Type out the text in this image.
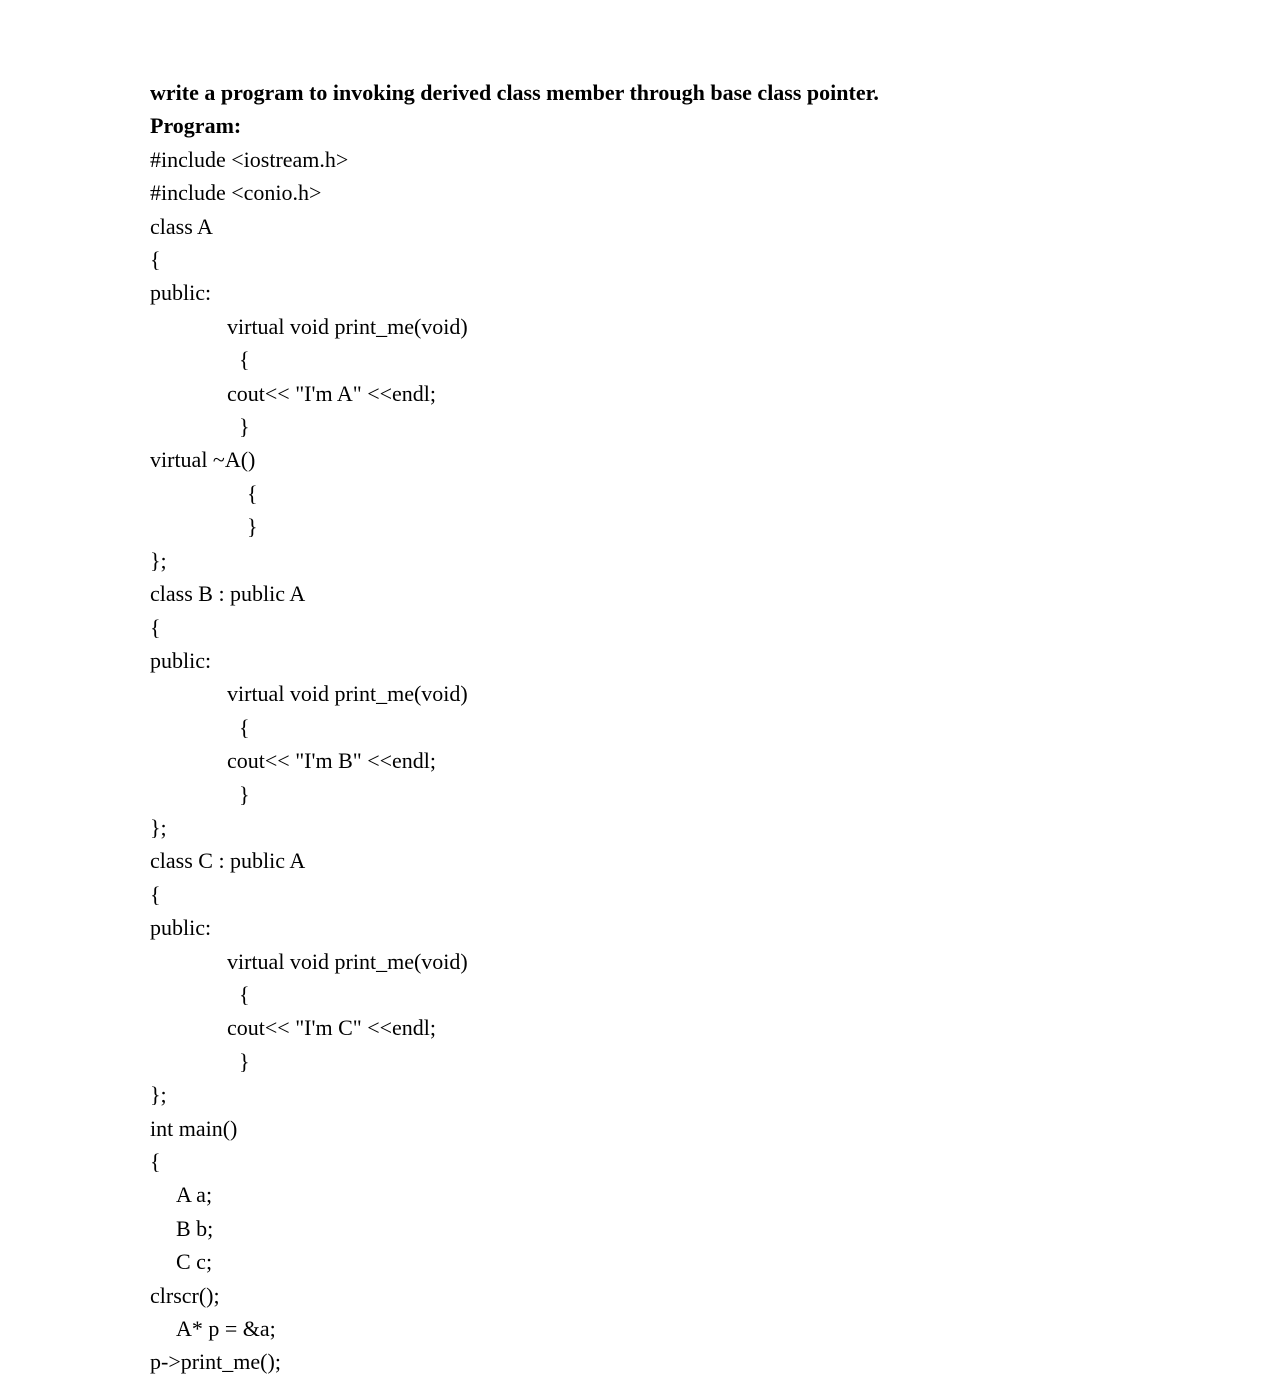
write a program to invoking derived class member through base class pointer.
Program:
#include <iostream.h>
#include <conio.h>
class A
{
public:
virtual void print_me(void)
{
cout<< "I'm A" <<endl;
}
virtual ~A()
{
}
};
class B : public A
{
public:
virtual void print_me(void)
{
cout<< "I'm B" <<endl;
}
};
class C : public A
{
public:
virtual void print_me(void)
{
cout<< "I'm C" <<endl;
}
};
int main()
{
A a;
B b;
C c;
clrscr();
A* p = &a;
p->print_me();
